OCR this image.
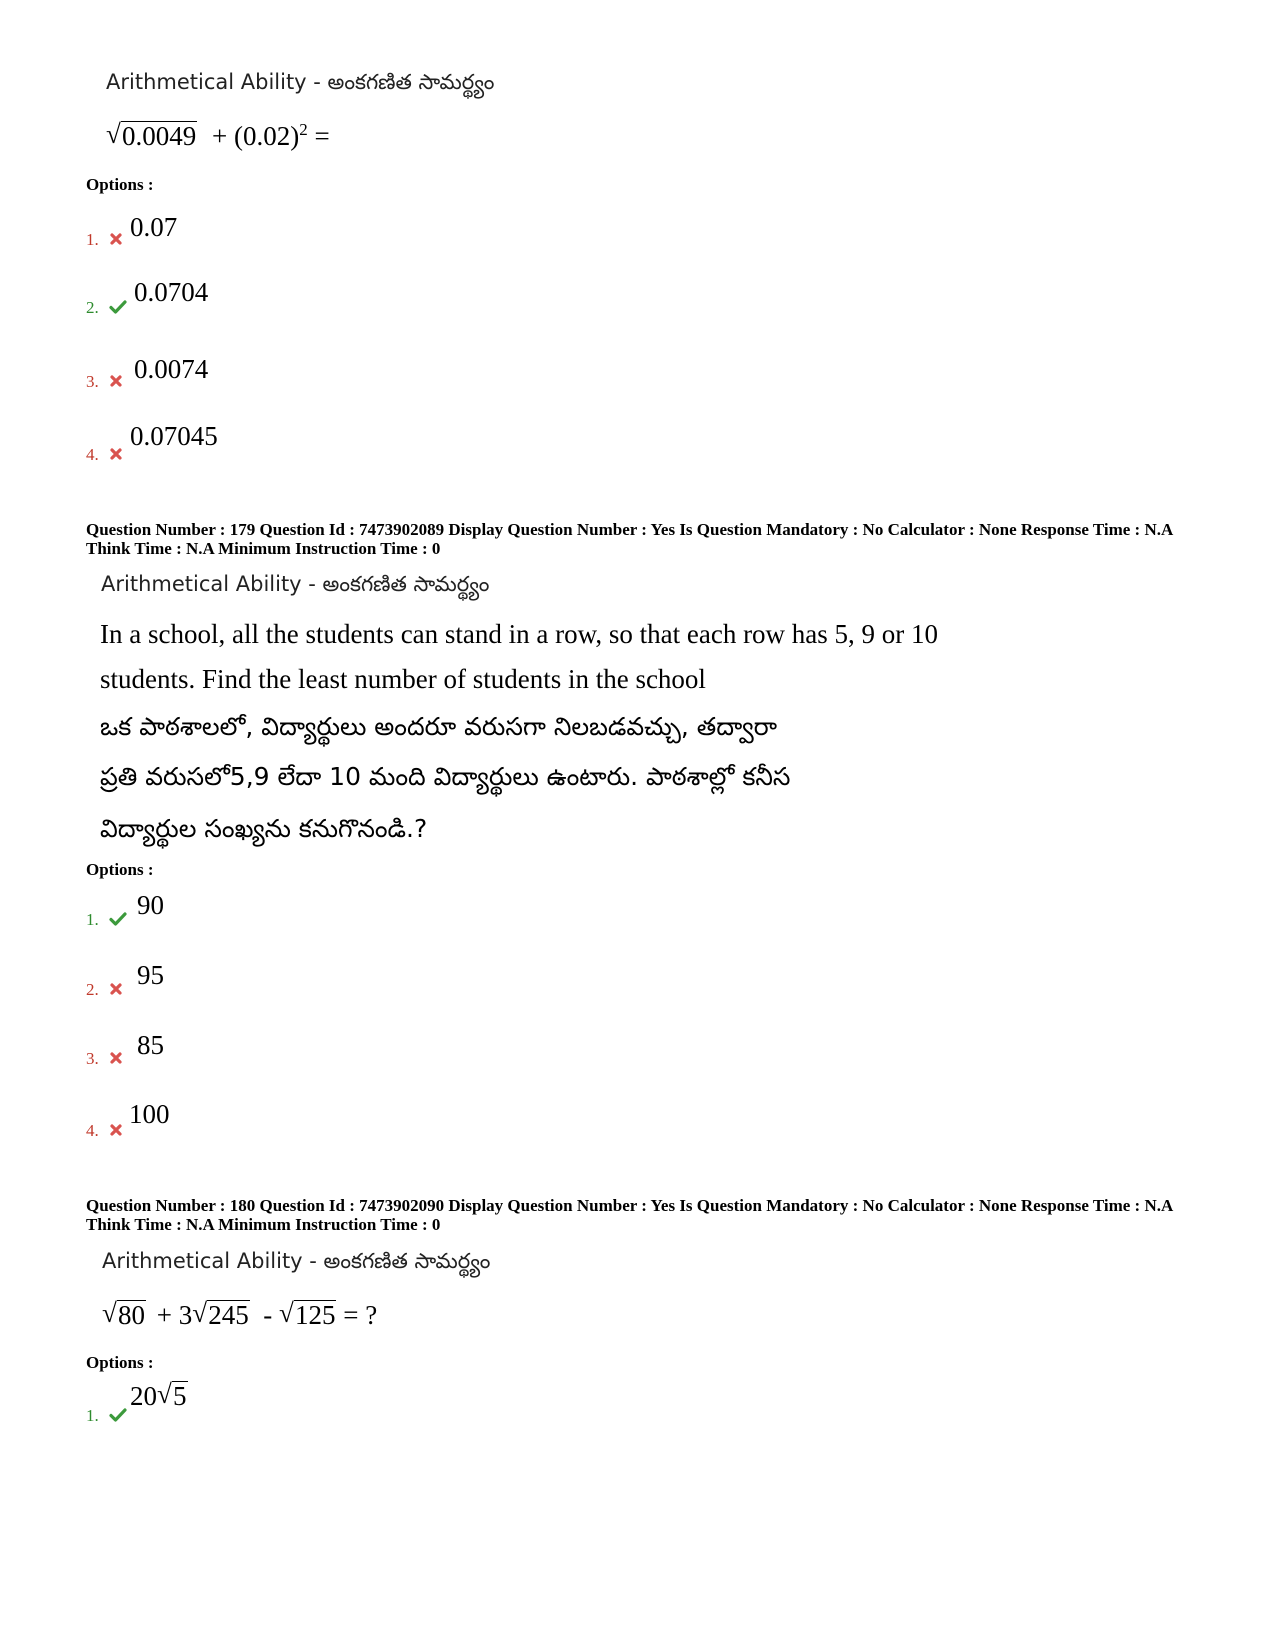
Arithmetical Ability - అంకగణిత సామర్థ్యం
√ $0.0049 + (0.02)^2$ =
Options :
1.	0.07
2.
0.0704
3.	0.0074
4.
0.07045
Question Number : 179 Question Id : 7473902089 Display Question Number : Yes Is Question Mandatory : No Calculator : None Response Time : N.A Think Time : N.A Minimum Instruction Time : 0
Arithmetical Ability - అంకగణిత సామర్థ్యం
In a school, all the students can stand in a row, so that each row has 5, 9 or 10
students. Find the least number of students in the school
ఒక పాఠశాలలో, విద్యార్థులు అందరూ వరుసగా నిలబడవచ్చు, తద్వారా
ప్రతి వరుసలో5,9 లేదా 10 మంది విద్యార్థులు ఉంటారు. పాఠశాల్లో కనీస
విద్యార్థుల సంఖ్యను కనుగొనండి.?
Options :
1.	90
2.	95
3.	85
4.
100
Question Number : 180 Question Id : 7473902090 Display Question Number : Yes Is Question Mandatory : No Calculator : None Response Time : N.A Think Time : N.A Minimum Instruction Time : 0
Arithmetical Ability - అంకగణిత సామర్థ్యం
√ 80 + 3 √ 245  - √ 125 = ?
Options :
1.
20 √ 5
